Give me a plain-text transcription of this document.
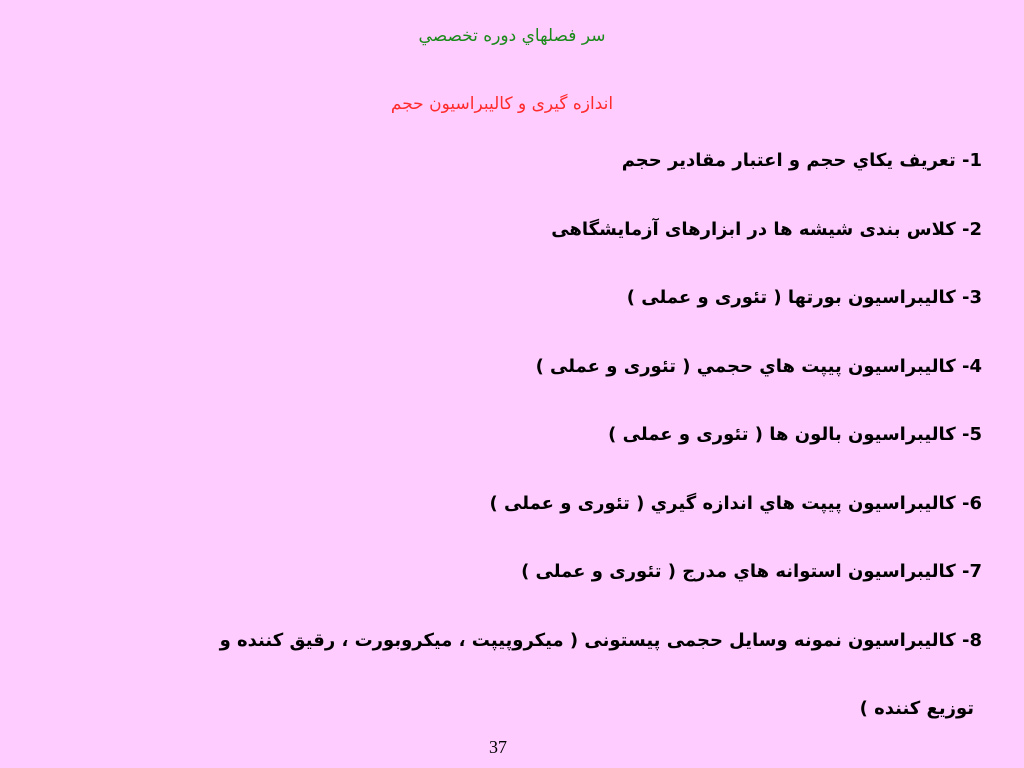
سر فصلهاي دوره تخصصي
اندازه گیری و کالیبراسیون حجم
1- تعریف یکاي حجم و اعتبار مقادیر حجم
2- کلاس بندی شیشه ها در ابزارهای آزمایشگاهی
3- کالیبراسیون بورتها ( تئوری و عملی )
4- کالیبراسیون پیپت هاي حجمي ( تئوری و عملی )
5- کالیبراسیون بالون ها ( تئوری و عملی )
6- کالیبراسیون پیپت هاي اندازه گیري ( تئوری و عملی )
7- کالیبراسیون استوانه هاي مدرج ( تئوری و عملی )
8- کالیبراسیون نمونه وسایل حجمی پیستونی ( میکروپیپت ، میکروبورت ، رقیق کننده و
توزیع کننده )
37
